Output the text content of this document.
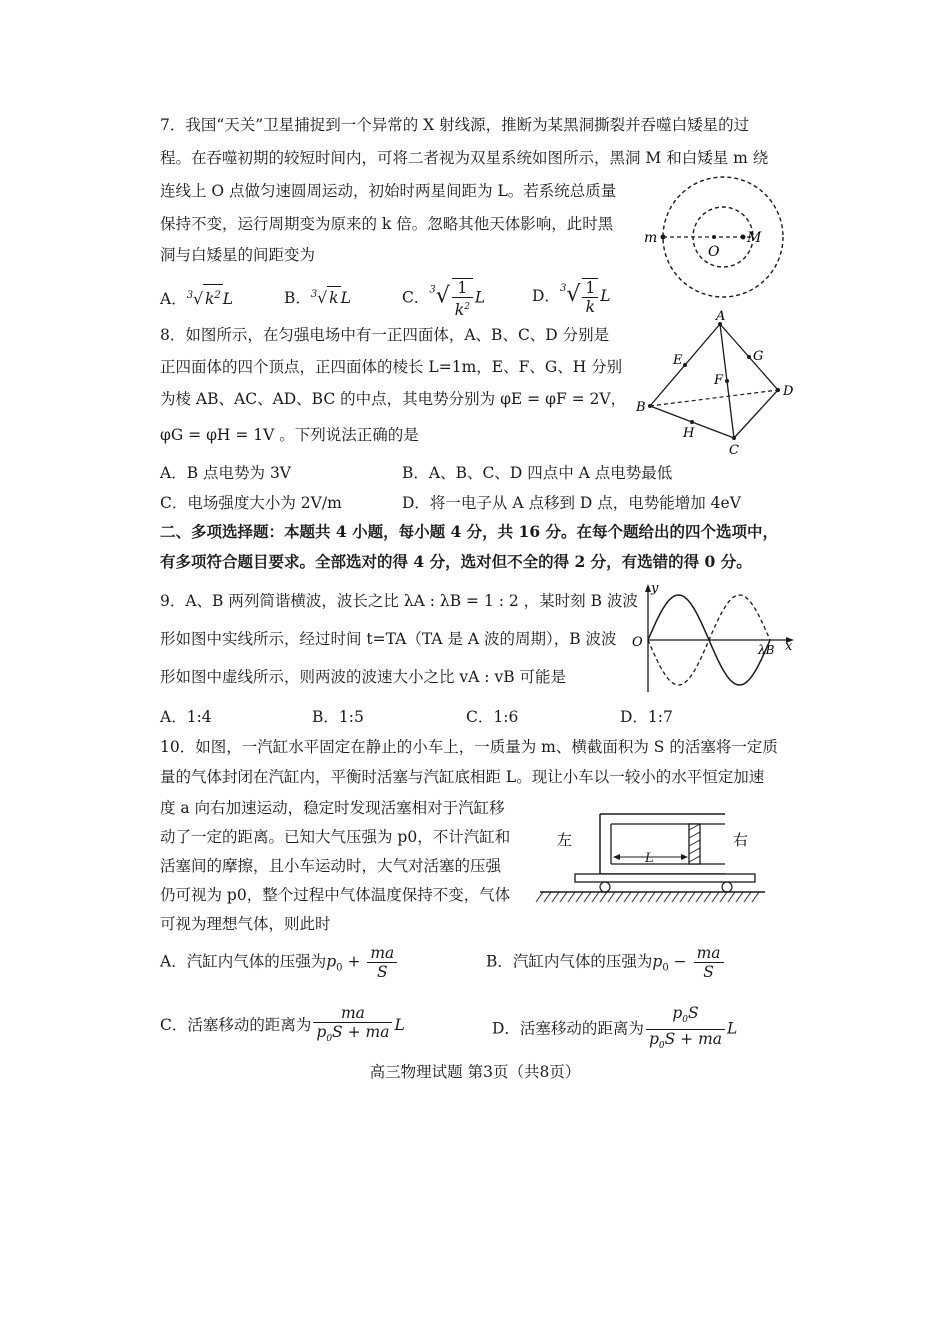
7．我国“天关”卫星捕捉到一个异常的 X 射线源，推断为某黑洞撕裂并吞噬白矮星的过
程。在吞噬初期的较短时间内，可将二者视为双星系统如图所示，黑洞 M 和白矮星 m 绕
连线上 O 点做匀速圆周运动，初始时两星间距为 L。若系统总质量
保持不变，运行周期变为原来的 k 倍。忽略其他天体影响，此时黑
洞与白矮星的间距变为
m
O
M
A．$^3$√ $k^2$ L	B．$^3$√ k L	C．$^3√ \frac{1}{k^2}$ L	D．$^3√ \frac{1}{k}$ L
8．如图所示，在匀强电场中有一正四面体，A、B、C、D 分别是
正四面体的四个顶点，正四面体的棱长 L=1m，E、F、G、H 分别
为棱 AB、AC、AD、BC 的中点，其电势分别为 φE = φF = 2V，
φG = φH = 1V 。下列说法正确的是
A
B
C
D
E
F
G
H
A．B 点电势为 3V	B．A、B、C、D 四点中 A 点电势最低
C．电场强度大小为 2V/m	D．将一电子从 A 点移到 D 点，电势能增加 4eV
二、多项选择题：本题共 4 小题，每小题 4 分，共 16 分。在每个题给出的四个选项中，
有多项符合题目要求。全部选对的得 4 分，选对但不全的得 2 分，有选错的得 0 分。
9．A、B 两列简谐横波，波长之比 λA : λB = 1 : 2 ，某时刻 B 波波
形如图中实线所示，经过时间 t=TA（TA 是 A 波的周期），B 波波
形如图中虚线所示，则两波的波速大小之比 vA : vB 可能是
y
O	x
λB
A．1:4	B．1:5	C．1:6	D．1:7
10．如图，一汽缸水平固定在静止的小车上，一质量为 m、横截面积为 S 的活塞将一定质
量的气体封闭在汽缸内，平衡时活塞与汽缸底相距 L。现让小车以一较小的水平恒定加速
度 a 向右加速运动，稳定时发现活塞相对于汽缸移
动了一定的距离。已知大气压强为 p0，不计汽缸和
活塞间的摩擦，且小车运动时，大气对活塞的压强
仍可视为 p0，整个过程中气体温度保持不变，气体
可视为理想气体，则此时
L
左	右
A．汽缸内气体的压强为$p_0 + \frac{ma}{S}$	B．汽缸内气体的压强为$p_0 - \frac{ma}{S}$
C．活塞移动的距离为 $\frac{ma}{p_0S + ma}$ L	D．活塞移动的距离为 $\frac{p_0S}{p_0S + ma}$ L
高三物理试题 第3页（共8页）
